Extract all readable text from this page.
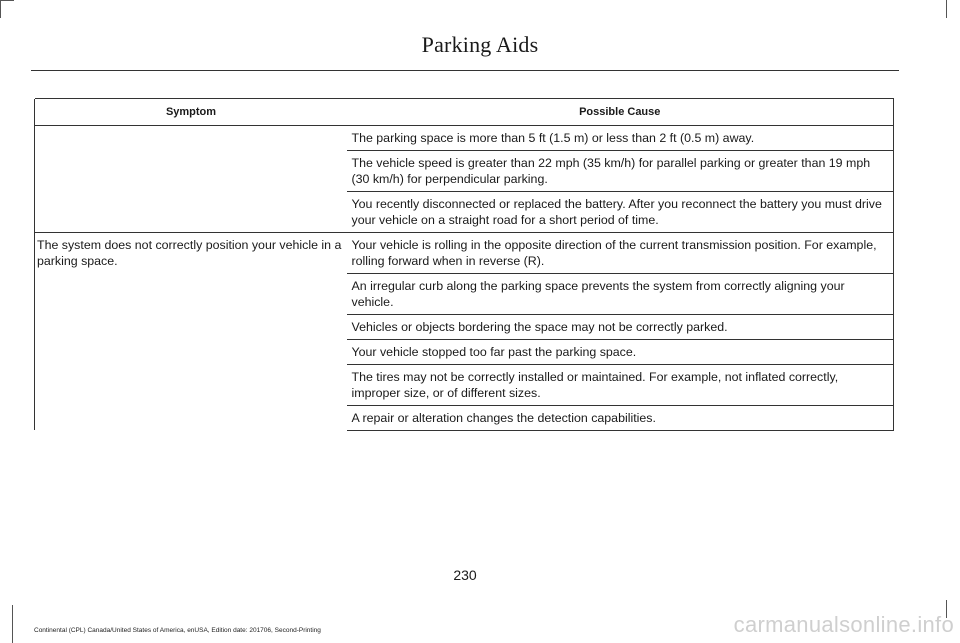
Parking Aids
Symptom	Possible Cause
	The parking space is more than 5 ft (1.5 m) or less than 2 ft (0.5 m) away.
	The vehicle speed is greater than 22 mph (35 km/h) for parallel parking or greater than 19 mph (30 km/h) for perpendicular parking.
	You recently disconnected or replaced the battery. After you reconnect the battery you must drive your vehicle on a straight road for a short period of time.
The system does not correctly position your vehicle in a parking space.	Your vehicle is rolling in the opposite direction of the current transmission position. For example, rolling forward when in reverse (R).
	An irregular curb along the parking space prevents the system from correctly aligning your vehicle.
	Vehicles or objects bordering the space may not be correctly parked.
	Your vehicle stopped too far past the parking space.
	The tires may not be correctly installed or maintained. For example, not inflated correctly, improper size, or of different sizes.
	A repair or alteration changes the detection capabilities.
230
Continental (CPL) Canada/United States of America, enUSA, Edition date: 201706, Second-Printing	carmanualsonline.info
